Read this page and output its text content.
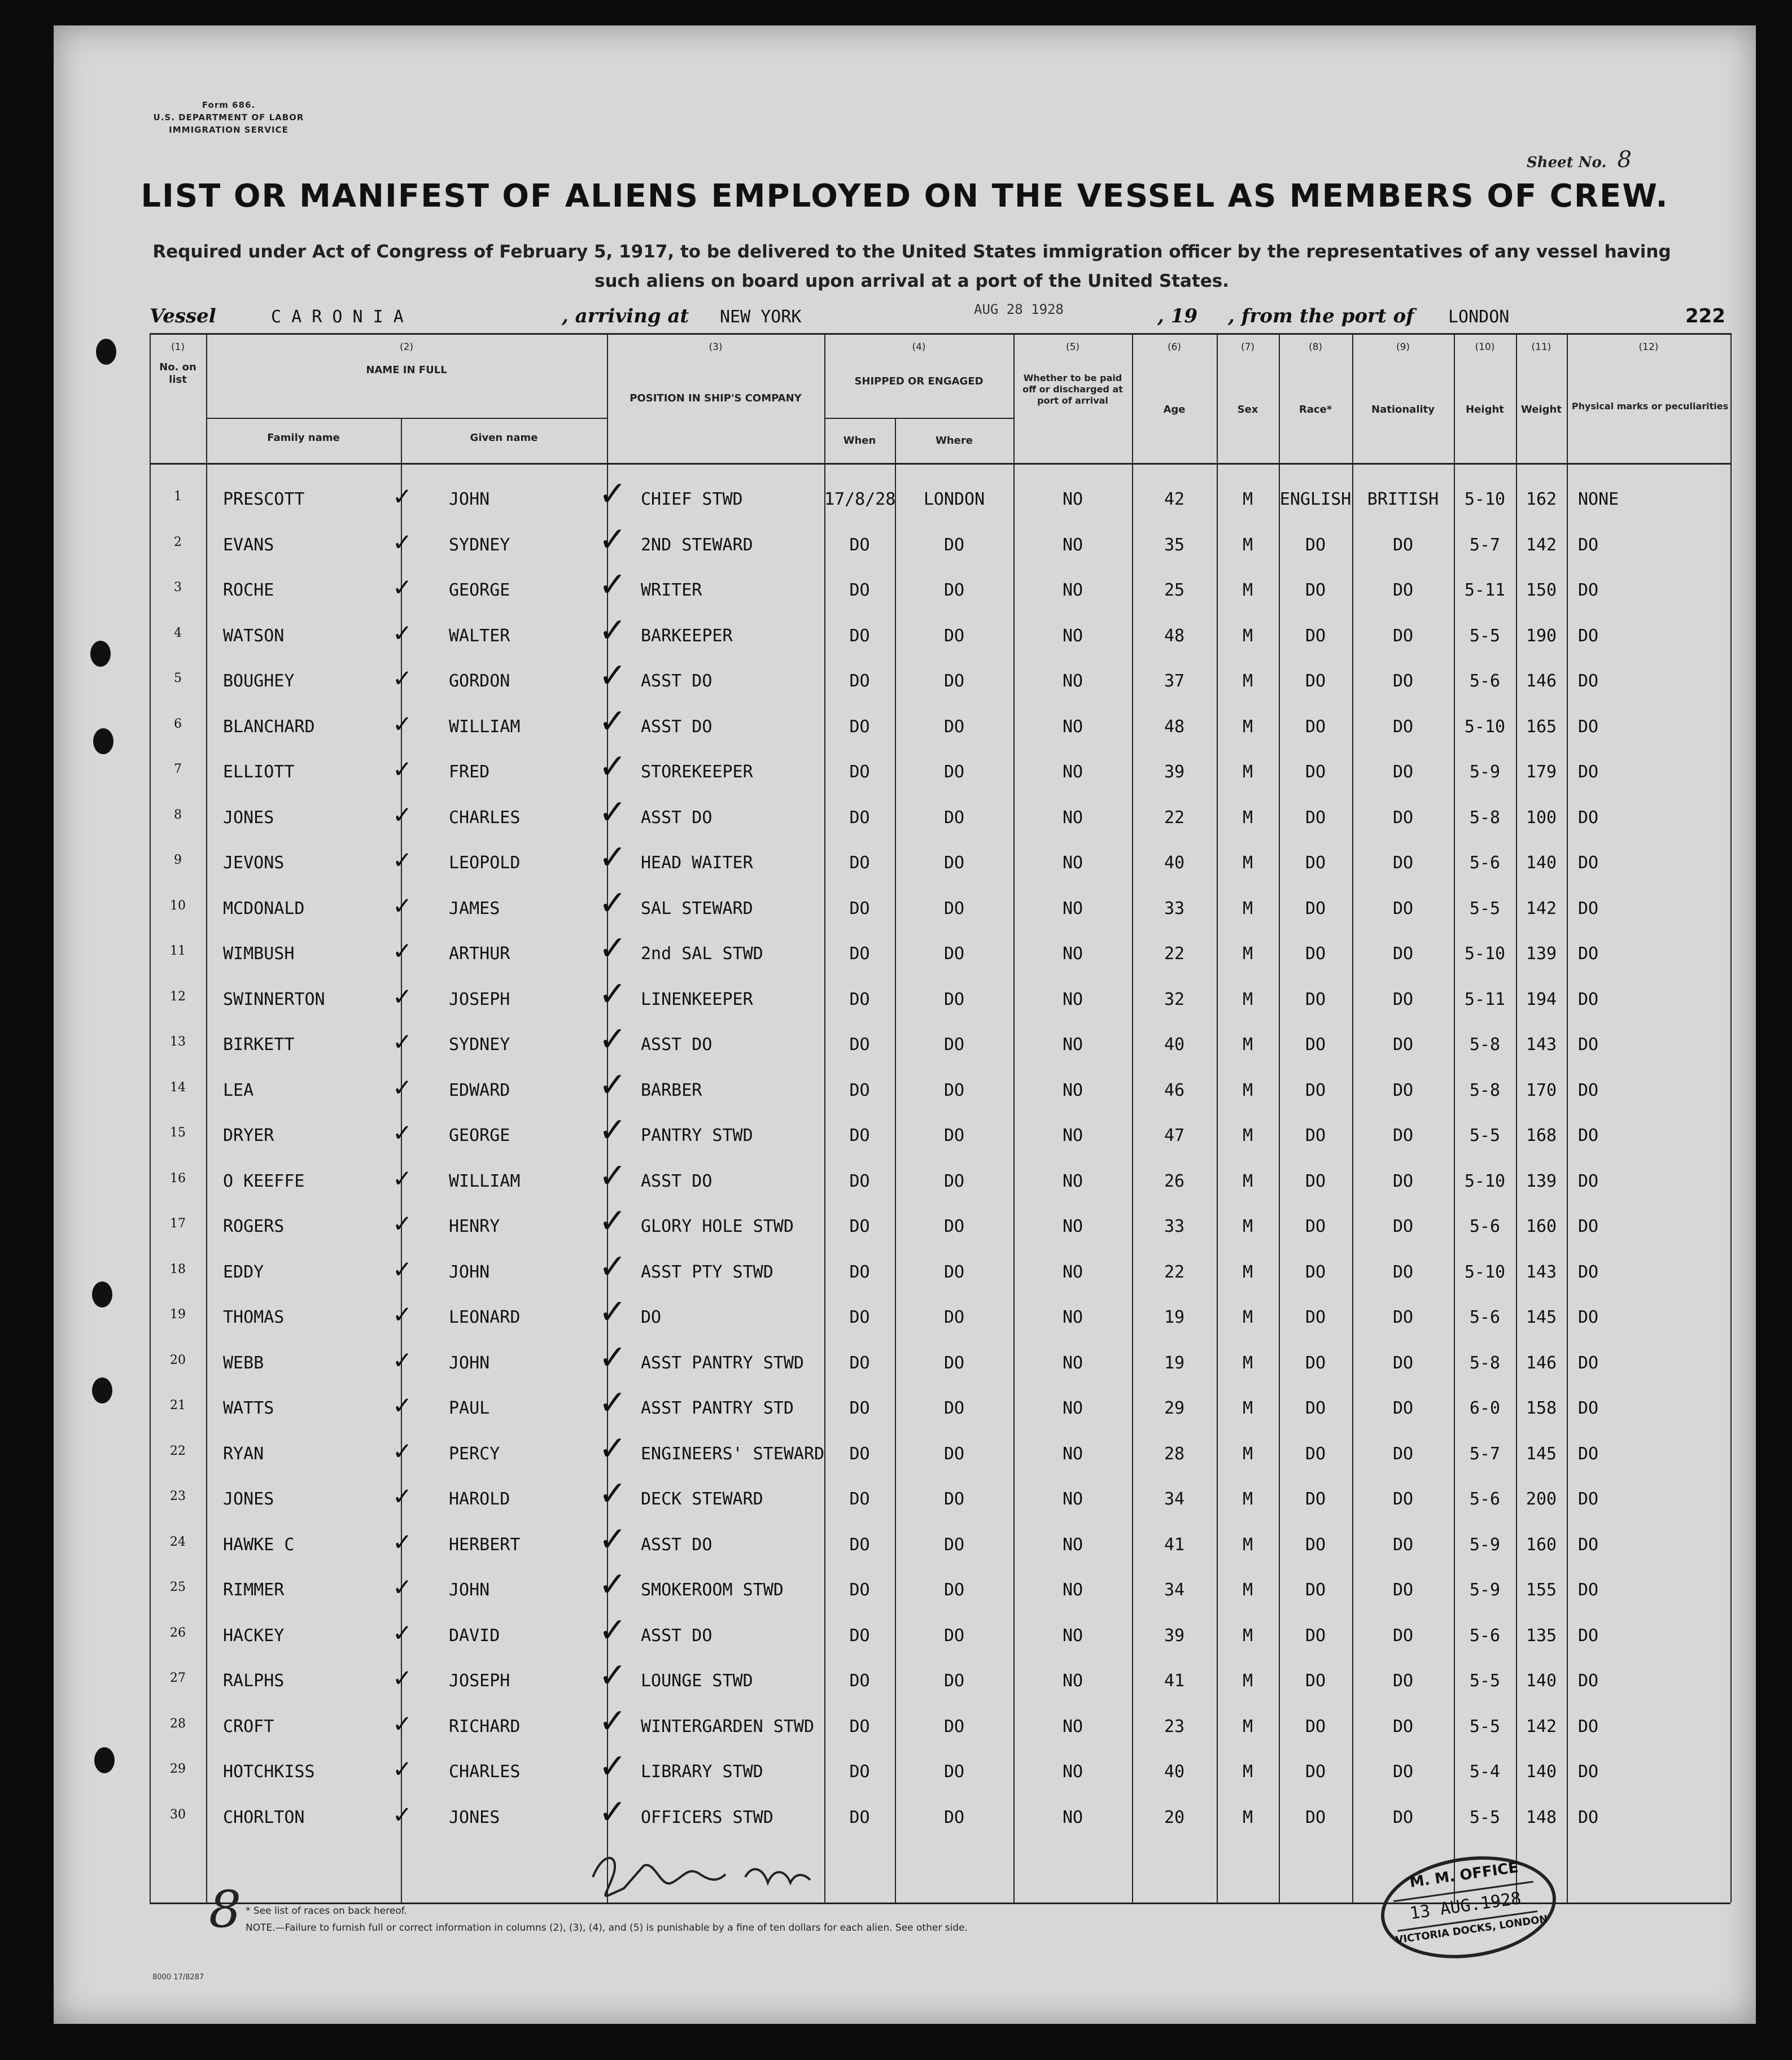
Form 686.
U.S. DEPARTMENT OF LABOR
IMMIGRATION SERVICE
Sheet No. 8
LIST OR MANIFEST OF ALIENS EMPLOYED ON THE VESSEL AS MEMBERS OF CREW.
Required under Act of Congress of February 5, 1917, to be delivered to the United States immigration officer by the representatives of any vessel having such aliens on board upon arrival at a port of the United States.
Vessel	C A R O N I A	, arriving at NEW YORK	AUG 28 1928	, 19 , from the port of LONDON	222
(1)	(2)	(3)	(4)	(5)	(6)	(7)	(8)	(9)	(10)	(11)	(12)
No. on list
NAME IN FULL
Family name	Given name
POSITION IN SHIP'S COMPANY
SHIPPED OR ENGAGED
When	Where
Whether to be paid off or discharged at port of arrival
Age	Sex	Race*	Nationality	Height	Weight	Physical marks or peculiarities
1	PRESCOTT	JOHN	CHIEF STWD	17/8/28	LONDON	NO	42	M	ENGLISH BRITISH	5-10	162	NONE
✓	✓
2	EVANS	SYDNEY	2ND STEWARD	DO	DO	NO	35	M	DO	DO	5-7	142	DO
✓	✓
3	ROCHE	GEORGE	WRITER	DO	DO	NO	25	M	DO	DO	5-11	150	DO
✓	✓
4	WATSON	WALTER	BARKEEPER	DO	DO	NO	48	M	DO	DO	5-5	190	DO
✓	✓
5	BOUGHEY	GORDON	ASST DO	DO	DO	NO	37	M	DO	DO	5-6	146	DO
✓	✓
6	BLANCHARD	WILLIAM	ASST DO	DO	DO	NO	48	M	DO	DO	5-10	165	DO
✓	✓
7	ELLIOTT	FRED	STOREKEEPER	DO	DO	NO	39	M	DO	DO	5-9	179	DO
✓	✓
8	JONES	CHARLES	ASST DO	DO	DO	NO	22	M	DO	DO	5-8	100	DO
✓	✓
9	JEVONS	LEOPOLD	HEAD WAITER	DO	DO	NO	40	M	DO	DO	5-6	140	DO
✓	✓
10	MCDONALD	JAMES	SAL STEWARD	DO	DO	NO	33	M	DO	DO	5-5	142	DO
✓	✓
11	WIMBUSH	ARTHUR	2nd SAL STWD	DO	DO	NO	22	M	DO	DO	5-10	139	DO
✓	✓
12	SWINNERTON	JOSEPH	LINENKEEPER	DO	DO	NO	32	M	DO	DO	5-11	194	DO
✓	✓
13	BIRKETT	SYDNEY	ASST DO	DO	DO	NO	40	M	DO	DO	5-8	143	DO
✓	✓
14	LEA	EDWARD	BARBER	DO	DO	NO	46	M	DO	DO	5-8	170	DO
✓	✓
15	DRYER	GEORGE	PANTRY STWD	DO	DO	NO	47	M	DO	DO	5-5	168	DO
✓	✓
16	O KEEFFE	WILLIAM	ASST DO	DO	DO	NO	26	M	DO	DO	5-10	139	DO
✓	✓
17	ROGERS	HENRY	GLORY HOLE STWD	DO	DO	NO	33	M	DO	DO	5-6	160	DO
✓	✓
18	EDDY	JOHN	ASST PTY STWD	DO	DO	NO	22	M	DO	DO	5-10	143	DO
✓	✓
19	THOMAS	LEONARD	DO	DO	DO	NO	19	M	DO	DO	5-6	145	DO
✓	✓
20	WEBB	JOHN	ASST PANTRY STWD	DO	DO	NO	19	M	DO	DO	5-8	146	DO
✓	✓
21	WATTS	PAUL	ASST PANTRY STD	DO	DO	NO	29	M	DO	DO	6-0	158	DO
✓	✓
22	RYAN	PERCY	ENGINEERS' STEWARD	DO	DO	NO	28	M	DO	DO	5-7	145	DO
✓	✓
23	JONES	HAROLD	DECK STEWARD	DO	DO	NO	34	M	DO	DO	5-6	200	DO
✓	✓
24	HAWKE C	HERBERT	ASST DO	DO	DO	NO	41	M	DO	DO	5-9	160	DO
✓	✓
25	RIMMER	JOHN	SMOKEROOM STWD	DO	DO	NO	34	M	DO	DO	5-9	155	DO
✓	✓
26	HACKEY	DAVID	ASST DO	DO	DO	NO	39	M	DO	DO	5-6	135	DO
✓	✓
27	RALPHS	JOSEPH	LOUNGE STWD	DO	DO	NO	41	M	DO	DO	5-5	140	DO
✓	✓
28	CROFT	RICHARD	WINTERGARDEN STWD	DO	DO	NO	23	M	DO	DO	5-5	142	DO
✓	✓
29	HOTCHKISS	CHARLES	LIBRARY STWD	DO	DO	NO	40	M	DO	DO	5-4	140	DO
✓	✓
30	CHORLTON	JONES	OFFICERS STWD	DO	DO	NO	20	M	DO	DO	5-5	148	DO
✓	✓
* See list of races on back hereof.
NOTE.—Failure to furnish full or correct information in columns (2), (3), (4), and (5) is punishable by a fine of ten dollars for each alien. See other side.
8000 17/8287
8
M. M. OFFICE
13 AUG.1928
VICTORIA DOCKS, LONDON
